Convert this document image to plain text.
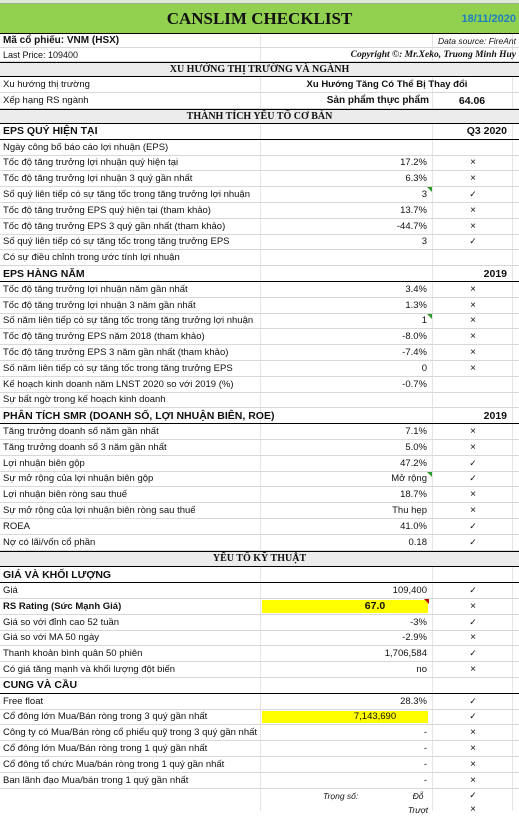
CANSLIM CHECKLIST	18/11/2020
Mã cổ phiếu: VNM (HSX)	Data source: FireAnt
Last Price: 109400	Copyright ©: Mr.Xeko, Truong Minh Huy
XU HƯỚNG THỊ TRƯỜNG VÀ NGÀNH
Xu hướng thị trường	Xu Hướng Tăng Có Thể Bị Thay đổi
Xếp hạng RS ngành	Sản phẩm thực phẩm	64.06
THÀNH TÍCH YẾU TỐ CƠ BẢN
EPS QUÝ HIỆN TẠI	Q3 2020
Ngày công bố báo cáo lợi nhuận (EPS)
Tốc độ tăng trưởng lợi nhuận quý hiện tại	17.2%	×
Tốc độ tăng trưởng lợi nhuận 3 quý gần nhất	6.3%	×
Số quý liên tiếp có sự tăng tốc trong tăng trưởng lợi nhuận	3	✓
Tốc độ tăng trưởng EPS quý hiện tại (tham khảo)	13.7%	×
Tốc độ tăng trưởng EPS 3 quý gần nhất (tham khảo)	-44.7%	×
Số quý liên tiếp có sự tăng tốc trong tăng trưởng EPS	3	✓
Có sự điều chỉnh trong ước tính lợi nhuận
EPS HÀNG NĂM	2019
Tốc độ tăng trưởng lợi nhuận năm gần nhất	3.4%	×
Tốc độ tăng trưởng lợi nhuận 3 năm gần nhất	1.3%	×
Số năm liên tiếp có sự tăng tốc trong tăng trưởng lợi nhuận	1	×
Tốc độ tăng trưởng EPS năm 2018 (tham khảo)	-8.0%	×
Tốc độ tăng trưởng EPS 3 năm gần nhất (tham khảo)	-7.4%	×
Số năm liên tiếp có sự tăng tốc trong tăng trưởng EPS	0	×
Kế hoạch kinh doanh năm LNST 2020 so với 2019 (%)	-0.7%
Sự bất ngờ trong kế hoạch kinh doanh
PHÂN TÍCH SMR (DOANH SỐ, LỢI NHUẬN BIÊN, ROE)	2019
Tăng trưởng doanh số năm gần nhất	7.1%	×
Tăng trưởng doanh số 3 năm gần nhất	5.0%	×
Lợi nhuận biên gộp	47.2%	✓
Sự mở rộng của lợi nhuận biên gộp	Mở rộng	✓
Lợi nhuận biên ròng sau thuế	18.7%	×
Sự mở rộng của lợi nhuận biên ròng sau thuế	Thu hẹp	×
ROEA	41.0%	✓
Nợ có lãi/vốn cổ phần	0.18	✓
YẾU TỐ KỸ THUẬT
GIÁ VÀ KHỐI LƯỢNG
Giá	109,400	✓
RS Rating (Sức Mạnh Giá)	67.0	×
Giá so với đỉnh cao 52 tuần	-3%	✓
Giá so với MA 50 ngày	-2.9%	×
Thanh khoản bình quân 50 phiên	1,706,584	✓
Có giá tăng mạnh và khối lượng đột biến	no	×
CUNG VÀ CẦU
Free float	28.3%	✓
Cổ đông lớn Mua/Bán ròng trong 3 quý gần nhất	7,143,690	✓
Công ty có Mua/Bán ròng cổ phiếu quỹ trong 3 quý gần nhất	-	×
Cổ đông lớn Mua/Bán ròng trong 1 quý gần nhất	-	×
Cổ đông tổ chức Mua/bán ròng trong 1 quý gần nhất	-	×
Ban lãnh đạo Mua/bán trong 1 quý gần nhất	-	×
Trọng số:	Đỗ	✓
Trượt	×
